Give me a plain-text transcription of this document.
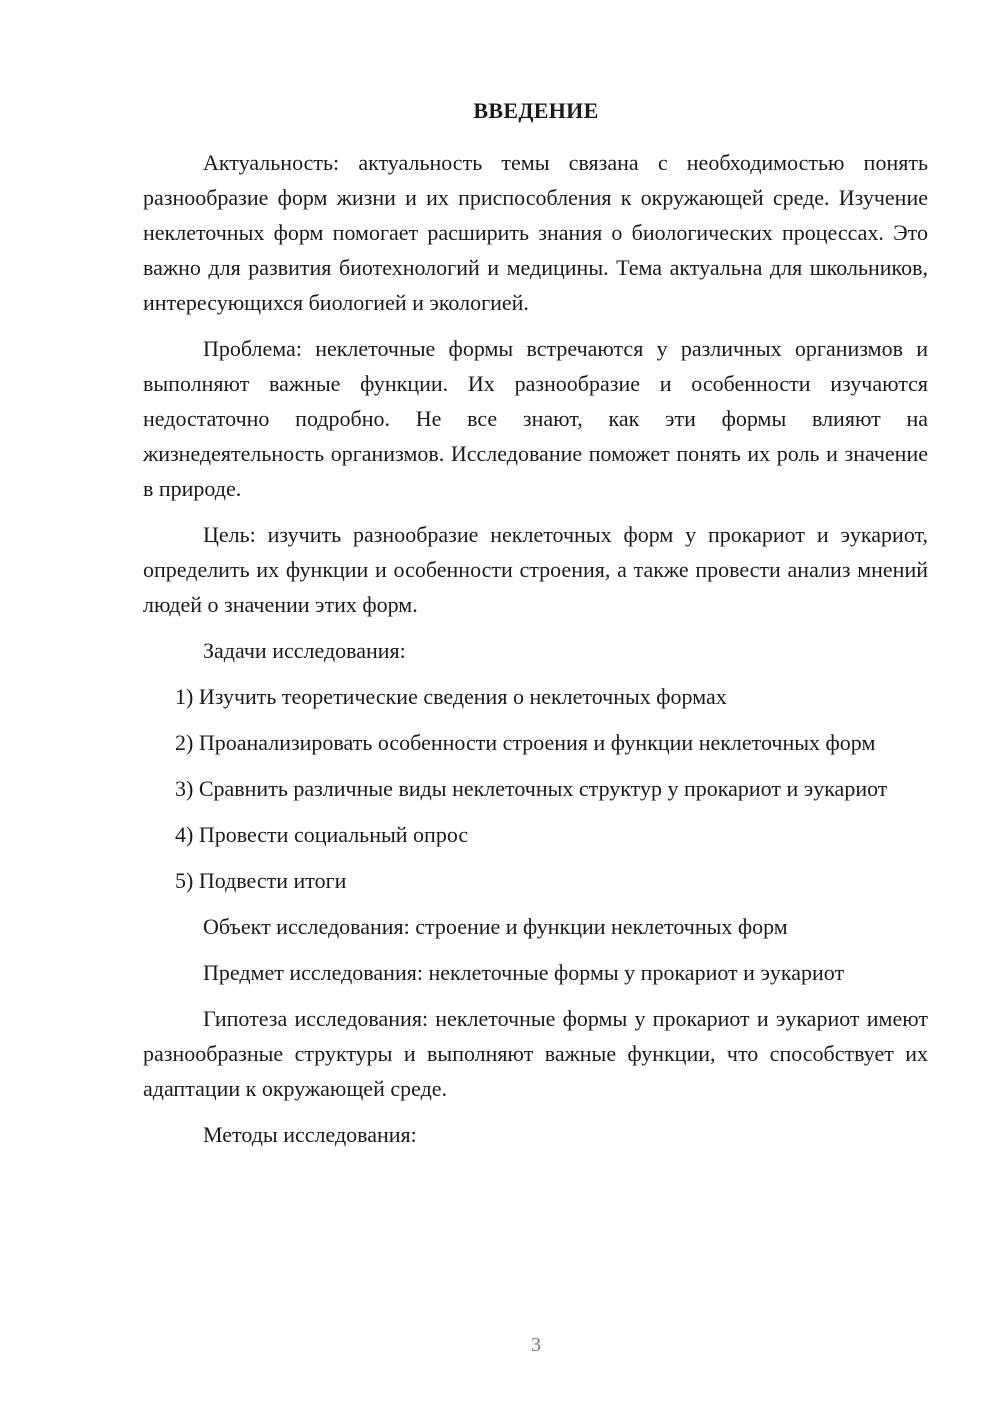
ВВЕДЕНИЕ

Актуальность: актуальность темы связана с необходимостью понять разнообразие форм жизни и их приспособления к окружающей среде. Изучение неклеточных форм помогает расширить знания о биологических процессах. Это важно для развития биотехнологий и медицины. Тема актуальна для школьников, интересующихся биологией и экологией.

Проблема: неклеточные формы встречаются у различных организмов и выполняют важные функции. Их разнообразие и особенности изучаются недостаточно подробно. Не все знают, как эти формы влияют на жизнедеятельность организмов. Исследование поможет понять их роль и значение в природе.

Цель: изучить разнообразие неклеточных форм у прокариот и эукариот, определить их функции и особенности строения, а также провести анализ мнений людей о значении этих форм.

Задачи исследования:

1) Изучить теоретические сведения о неклеточных формах

2) Проанализировать особенности строения и функции неклеточных форм

3) Сравнить различные виды неклеточных структур у прокариот и эукариот

4) Провести социальный опрос

5) Подвести итоги

Объект исследования: строение и функции неклеточных форм

Предмет исследования: неклеточные формы у прокариот и эукариот

Гипотеза исследования: неклеточные формы у прокариот и эукариот имеют разнообразные структуры и выполняют важные функции, что способствует их адаптации к окружающей среде.

Методы исследования:

3
